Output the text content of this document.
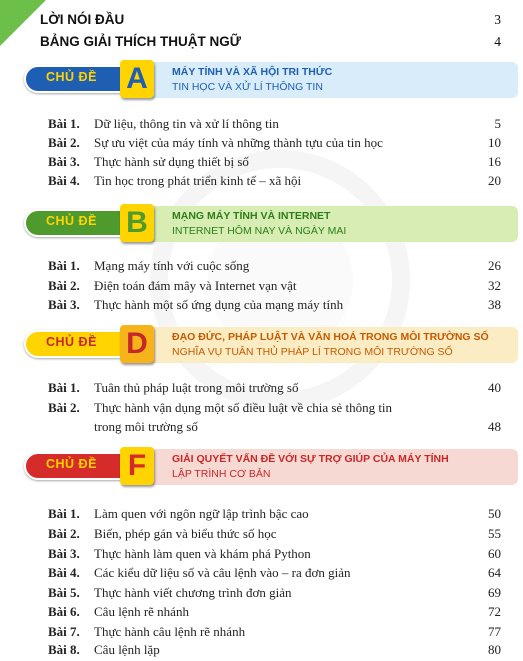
LỜI NÓI ĐẦU	3
BẢNG GIẢI THÍCH THUẬT NGỮ	4
CHỦ ĐỀ A	MÁY TÍNH VÀ XÃ HỘI TRI THỨC
TIN HỌC VÀ XỬ LÍ THÔNG TIN
Bài 1. Dữ liệu, thông tin và xử lí thông tin	5
Bài 2. Sự ưu việt của máy tính và những thành tựu của tin học	10
Bài 3. Thực hành sử dụng thiết bị số	16
Bài 4. Tin học trong phát triển kinh tế – xã hội	20
CHỦ ĐỀ B	MẠNG MÁY TÍNH VÀ INTERNET
INTERNET HÔM NAY VÀ NGÀY MAI
Bài 1. Mạng máy tính với cuộc sống	26
Bài 2. Điện toán đám mây và Internet vạn vật	32
Bài 3. Thực hành một số ứng dụng của mạng máy tính	38
CHỦ ĐỀ D	ĐẠO ĐỨC, PHÁP LUẬT VÀ VĂN HOÁ TRONG MÔI TRƯỜNG SỐ
NGHĨA VỤ TUÂN THỦ PHÁP LÍ TRONG MÔI TRƯỜNG SỐ
Bài 1. Tuân thủ pháp luật trong môi trường số	40
Bài 2. Thực hành vận dụng một số điều luật về chia sẻ thông tin
trong môi trường số	48
CHỦ ĐỀ F	GIẢI QUYẾT VẤN ĐỀ VỚI SỰ TRỢ GIÚP CỦA MÁY TÍNH
LẬP TRÌNH CƠ BẢN
Bài 1. Làm quen với ngôn ngữ lập trình bậc cao	50
Bài 2. Biến, phép gán và biểu thức số học	55
Bài 3. Thực hành làm quen và khám phá Python	60
Bài 4. Các kiểu dữ liệu số và câu lệnh vào – ra đơn giản	64
Bài 5. Thực hành viết chương trình đơn giản	69
Bài 6. Câu lệnh rẽ nhánh	72
Bài 7. Thực hành câu lệnh rẽ nhánh	77
Bài 8. Câu lệnh lặp	80
